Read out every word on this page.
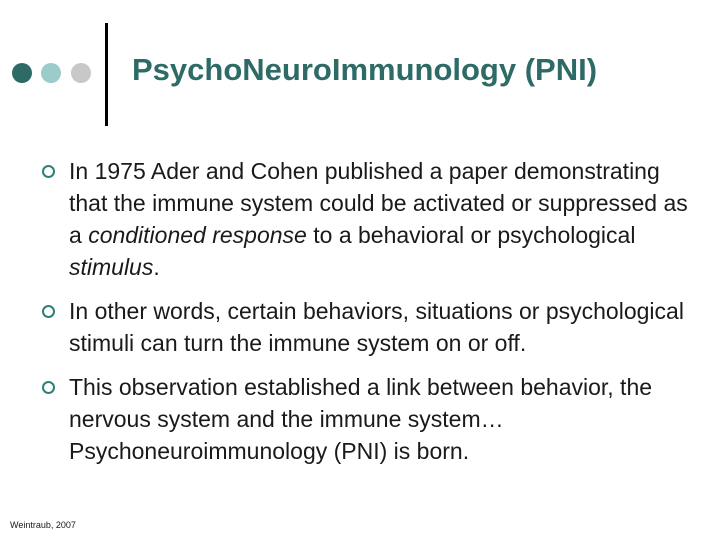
PsychoNeuroImmunology (PNI)
In 1975 Ader and Cohen published a paper demonstrating that the immune system could be activated or suppressed as a conditioned response to a behavioral or psychological stimulus.
In other words, certain behaviors, situations or psychological stimuli can turn the immune system on or off.
This observation established a link between behavior, the nervous system and the immune system… Psychoneuroimmunology (PNI) is born.
Weintraub, 2007
